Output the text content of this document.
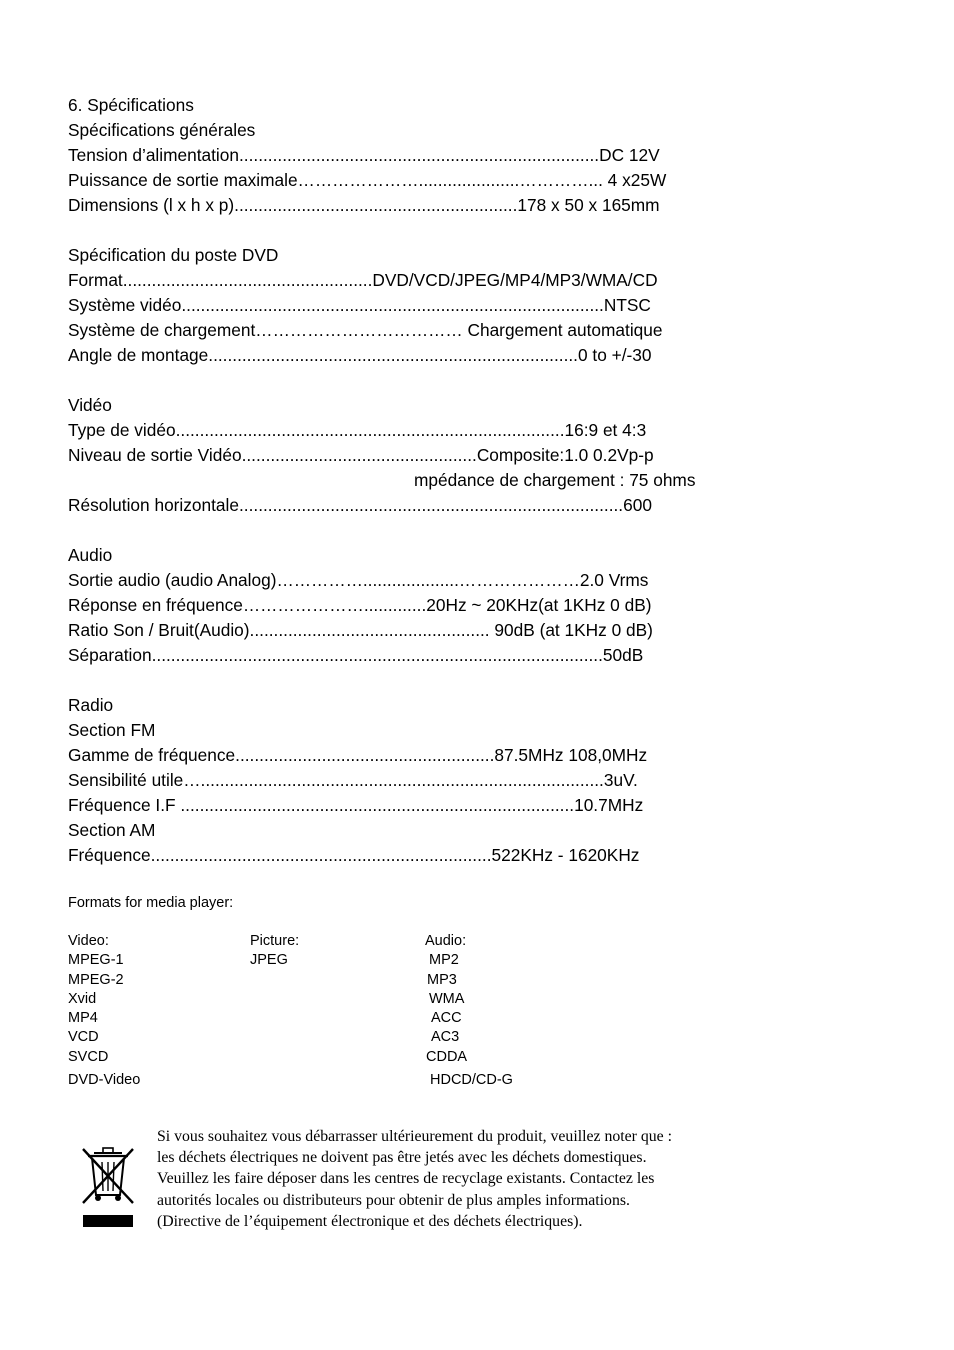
6. Spécifications
Spécifications générales
Tension d’alimentation...........................................................................DC 12V
Puissance de sortie maximale………………….....................…………... 4 x25W
Dimensions (l x h x p)...........................................................178 x 50 x 165mm
Spécification du poste DVD
Format....................................................DVD/VCD/JPEG/MP4/MP3/WMA/CD
Système vidéo........................................................................................NTSC
Système de chargement……………………………… Chargement automatique
Angle de montage.............................................................................0 to +/-30
Vidéo
Type de vidéo.................................................................................16:9 et 4:3
Niveau de sortie Vidéo.................................................Composite:1.0 0.2Vp-p
mpédance de chargement : 75 ohms
Résolution horizontale................................................................................600
Audio
Sortie audio (audio Analog)……………....................…………………2.0 Vrms
Réponse en fréquence………………….............20Hz ~ 20KHz(at 1KHz 0 dB)
Ratio Son / Bruit(Audio).................................................. 90dB (at 1KHz 0 dB)
Séparation..............................................................................................50dB
Radio
Section FM
Gamme de fréquence......................................................87.5MHz 108,0MHz
Sensibilité utile…....................................................................................3uV.
Fréquence I.F ..................................................................................10.7MHz
Section AM
Fréquence.......................................................................522KHz - 1620KHz
Formats for media player:
Video:
MPEG-1
MPEG-2
Xvid
MP4
VCD
SVCD
DVD-Video
Picture:
JPEG
Audio:
MP2
MP3
WMA
ACC
AC3
CDDA
HDCD/CD-G
Si vous souhaitez vous débarrasser ultérieurement du produit, veuillez noter que :
les déchets électriques ne doivent pas être jetés avec les déchets domestiques.
Veuillez les faire déposer dans les centres de recyclage existants. Contactez les
autorités locales ou distributeurs pour obtenir de plus amples informations.
(Directive de l’équipement électronique et des déchets électriques).
